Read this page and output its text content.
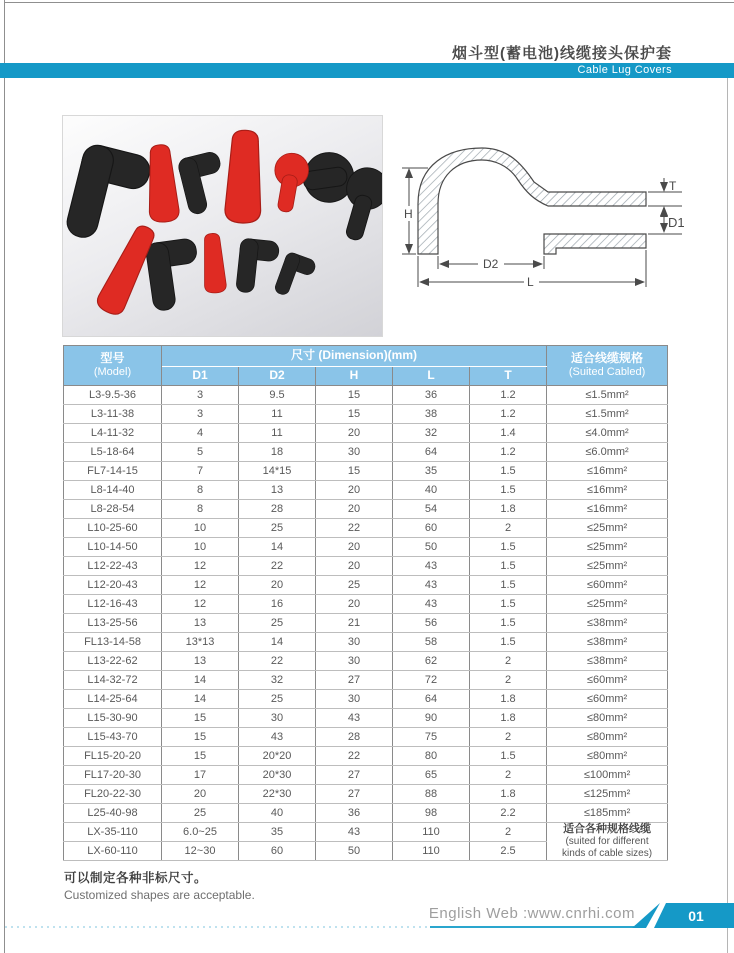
烟斗型(蓄电池)线缆接头保护套
Cable Lug Covers
H
T
D1
D2
L
型号
(Model)
	尺寸 (Dimension)(mm)	适合线缆规格
(Suited Cabled)

	D1	D2	H	L	T	
L3-9.5-36	3	9.5	15	36	1.2	≤1.5mm²
L3-11-38	3	11	15	38	1.2	≤1.5mm²
L4-11-32	4	11	20	32	1.4	≤4.0mm²
L5-18-64	5	18	30	64	1.2	≤6.0mm²
FL7-14-15	7	14*15	15	35	1.5	≤16mm²
L8-14-40	8	13	20	40	1.5	≤16mm²
L8-28-54	8	28	20	54	1.8	≤16mm²
L10-25-60	10	25	22	60	2	≤25mm²
L10-14-50	10	14	20	50	1.5	≤25mm²
L12-22-43	12	22	20	43	1.5	≤25mm²
L12-20-43	12	20	25	43	1.5	≤60mm²
L12-16-43	12	16	20	43	1.5	≤25mm²
L13-25-56	13	25	21	56	1.5	≤38mm²
FL13-14-58	13*13	14	30	58	1.5	≤38mm²
L13-22-62	13	22	30	62	2	≤38mm²
L14-32-72	14	32	27	72	2	≤60mm²
L14-25-64	14	25	30	64	1.8	≤60mm²
L15-30-90	15	30	43	90	1.8	≤80mm²
L15-43-70	15	43	28	75	2	≤80mm²
FL15-20-20	15	20*20	22	80	1.5	≤80mm²
FL17-20-30	17	20*30	27	65	2	≤100mm²
FL20-22-30	20	22*30	27	88	1.8	≤125mm²
L25-40-98	25	40	36	98	2.2	≤185mm²
LX-35-110	6.0~25	35	43	110	2	适合各种规格线缆
(suited for different
kinds of cable sizes)

LX-60-110	12~30	60	50	110	2.5	
可以制定各种非标尺寸。
Customized shapes are acceptable.
English Web :www.cnrhi.com	01
